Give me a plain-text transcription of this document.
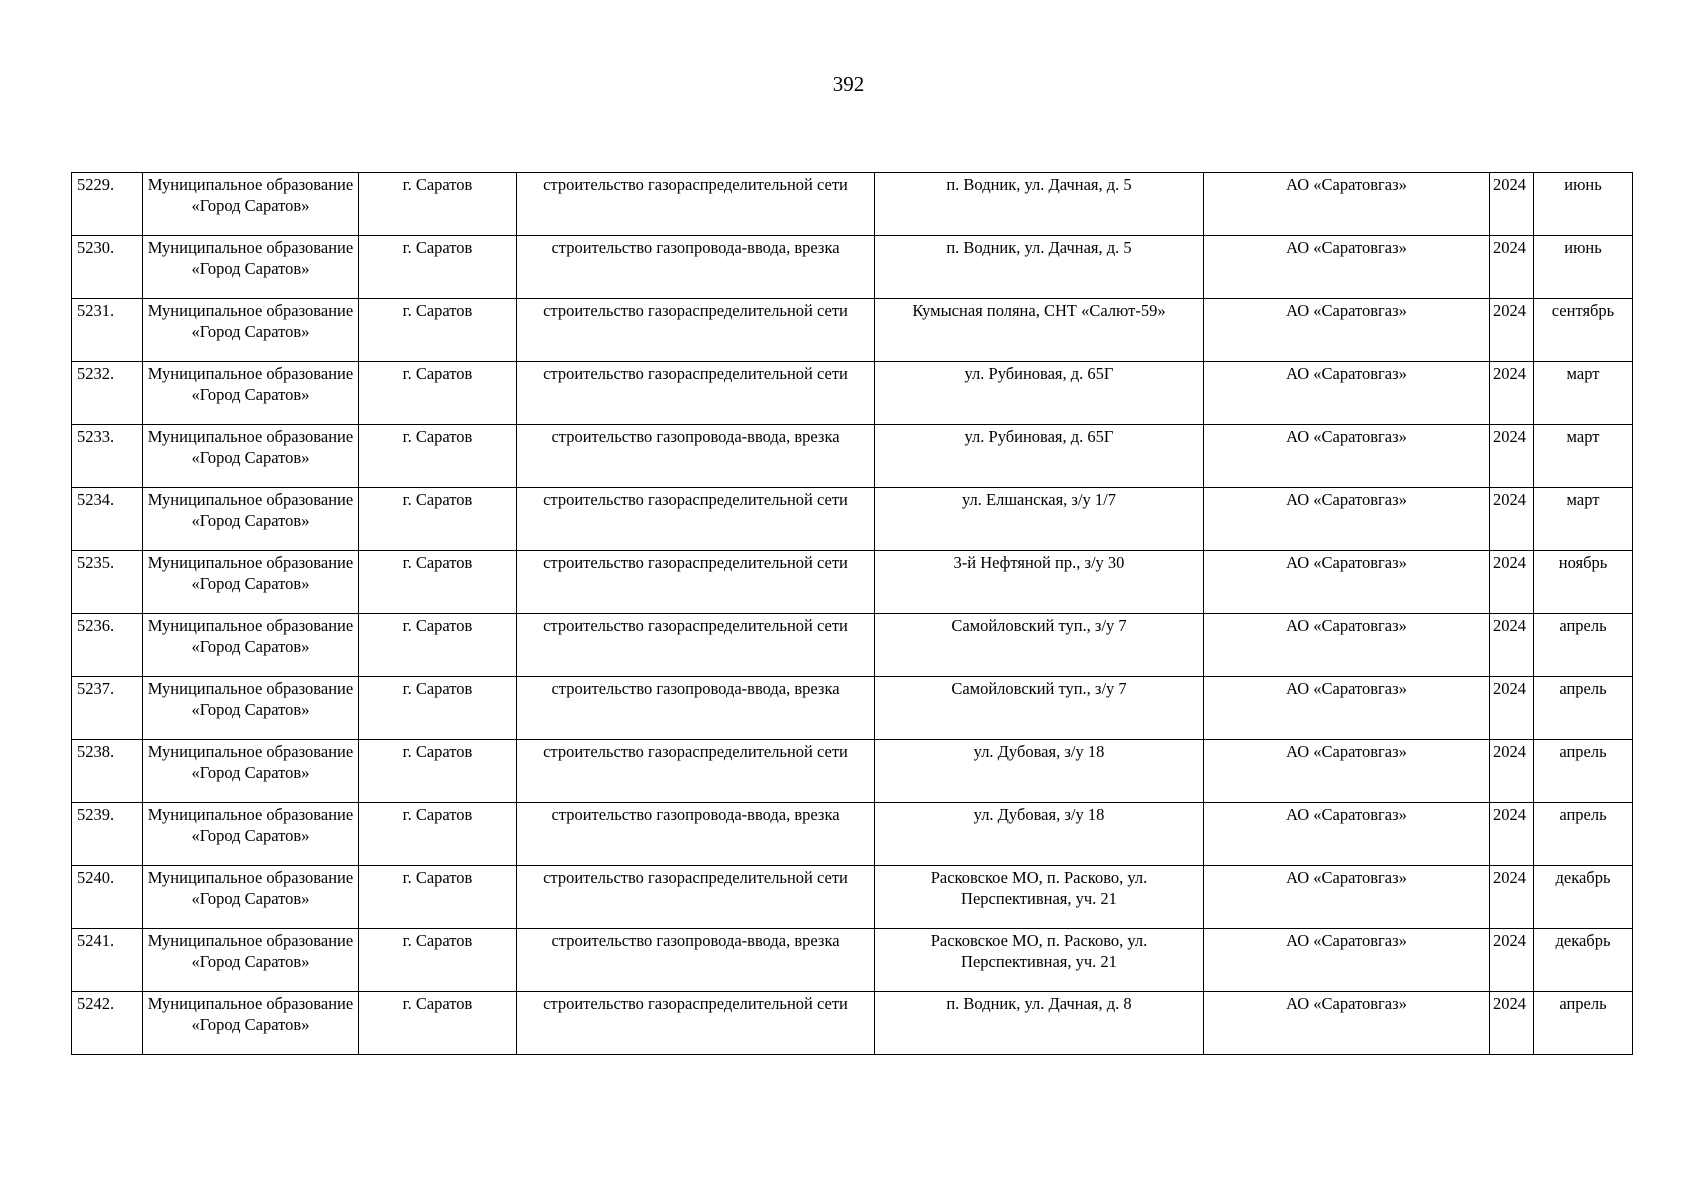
392
5229.	Муниципальное образование «Город Саратов»	г. Саратов	строительство газораспределительной сети	п. Водник, ул. Дачная, д. 5	АО «Саратовгаз»	2024	июнь
5230.	Муниципальное образование «Город Саратов»	г. Саратов	строительство газопровода-ввода, врезка	п. Водник, ул. Дачная, д. 5	АО «Саратовгаз»	2024	июнь
5231.	Муниципальное образование «Город Саратов»	г. Саратов	строительство газораспределительной сети	Кумысная поляна, СНТ «Салют-59»	АО «Саратовгаз»	2024	сентябрь
5232.	Муниципальное образование «Город Саратов»	г. Саратов	строительство газораспределительной сети	ул. Рубиновая, д. 65Г	АО «Саратовгаз»	2024	март
5233.	Муниципальное образование «Город Саратов»	г. Саратов	строительство газопровода-ввода, врезка	ул. Рубиновая, д. 65Г	АО «Саратовгаз»	2024	март
5234.	Муниципальное образование «Город Саратов»	г. Саратов	строительство газораспределительной сети	ул. Елшанская, з/у 1/7	АО «Саратовгаз»	2024	март
5235.	Муниципальное образование «Город Саратов»	г. Саратов	строительство газораспределительной сети	3-й Нефтяной пр., з/у 30	АО «Саратовгаз»	2024	ноябрь
5236.	Муниципальное образование «Город Саратов»	г. Саратов	строительство газораспределительной сети	Самойловский туп., з/у 7	АО «Саратовгаз»	2024	апрель
5237.	Муниципальное образование «Город Саратов»	г. Саратов	строительство газопровода-ввода, врезка	Самойловский туп., з/у 7	АО «Саратовгаз»	2024	апрель
5238.	Муниципальное образование «Город Саратов»	г. Саратов	строительство газораспределительной сети	ул. Дубовая, з/у 18	АО «Саратовгаз»	2024	апрель
5239.	Муниципальное образование «Город Саратов»	г. Саратов	строительство газопровода-ввода, врезка	ул. Дубовая, з/у 18	АО «Саратовгаз»	2024	апрель
5240.	Муниципальное образование «Город Саратов»	г. Саратов	строительство газораспределительной сети	Расковское МО, п. Расково, ул. Перспективная, уч. 21	АО «Саратовгаз»	2024	декабрь
5241.	Муниципальное образование «Город Саратов»	г. Саратов	строительство газопровода-ввода, врезка	Расковское МО, п. Расково, ул. Перспективная, уч. 21	АО «Саратовгаз»	2024	декабрь
5242.	Муниципальное образование «Город Саратов»	г. Саратов	строительство газораспределительной сети	п. Водник, ул. Дачная, д. 8	АО «Саратовгаз»	2024	апрель
